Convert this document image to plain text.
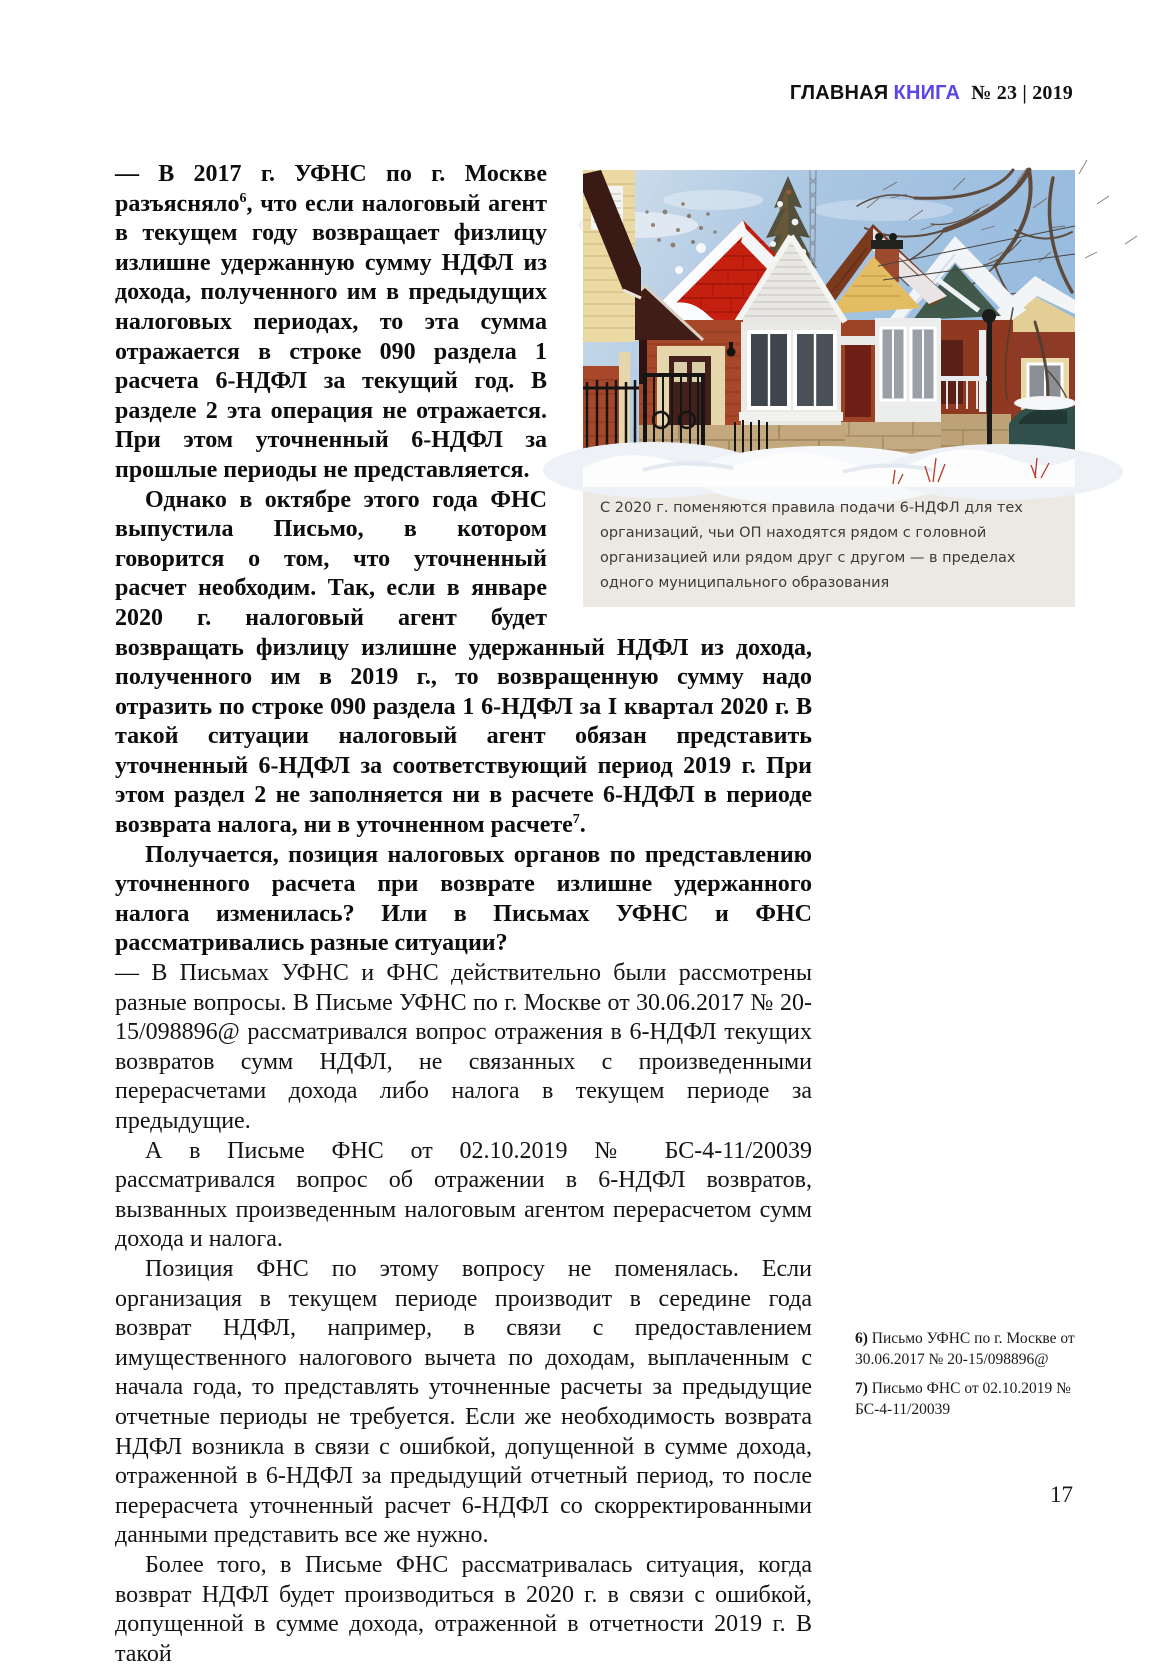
ГЛАВНАЯ КНИГА № 23 | 2019
С 2020 г. поменяются правила подачи 6-НДФЛ для тех организаций, чьи ОП находятся рядом с головной организацией или рядом друг с другом — в пределах одного муниципального образования

— В 2017 г. УФНС по г. Москве разъясняло$^6$, что если налоговый агент в текущем году возвращает физлицу излишне удержанную сумму НДФЛ из дохода, полученного им в предыдущих налоговых периодах, то эта сумма отражается в строке 090 раздела 1 расчета 6-НДФЛ за текущий год. В разделе 2 эта операция не отражается. При этом уточненный 6-НДФЛ за прошлые периоды не представляется.

Однако в октябре этого года ФНС выпустила Письмо, в котором говорится о том, что уточненный расчет необходим. Так, если в январе 2020 г. налоговый агент будет возвращать физлицу излишне удержанный НДФЛ из дохода, полученного им в 2019 г., то возвращенную сумму надо отразить по строке 090 раздела 1 6-НДФЛ за I квартал 2020 г. В такой ситуации налоговый агент обязан представить уточненный 6-НДФЛ за соответствующий период 2019 г. При этом раздел 2 не заполняется ни в расчете 6-НДФЛ в периоде возврата налога, ни в уточненном расчете$^7$.

Получается, позиция налоговых органов по представлению уточненного расчета при возврате излишне удержанного налога изменилась? Или в Письмах УФНС и ФНС рассматривались разные ситуации?

— В Письмах УФНС и ФНС действительно были рассмотрены разные вопросы. В Письме УФНС по г. Москве от 30.06.2017 № 20-15/098896@ рассматривался вопрос отражения в 6-НДФЛ текущих возвратов сумм НДФЛ, не связанных с произведенными перерасчетами дохода либо налога в текущем периоде за предыдущие.

А в Письме ФНС от 02.10.2019 № БС-4-11/20039 рассматривался вопрос об отражении в 6-НДФЛ возвратов, вызванных произведенным налоговым агентом перерасчетом сумм дохода и налога.

Позиция ФНС по этому вопросу не поменялась. Если организация в текущем периоде производит в середине года возврат НДФЛ, например, в связи с предоставлением имущественного налогового вычета по доходам, выплаченным с начала года, то представлять уточненные расчеты за предыдущие отчетные периоды не требуется. Если же необходимость возврата НДФЛ возникла в связи с ошибкой, допущенной в сумме дохода, отраженной в 6-НДФЛ за предыдущий отчетный период, то после перерасчета уточненный расчет 6-НДФЛ со скорректированными данными представить все же нужно.

Более того, в Письме ФНС рассматривалась ситуация, когда возврат НДФЛ будет производиться в 2020 г. в связи с ошибкой, допущенной в сумме дохода, отраженной в отчетности 2019 г. В такой

6) Письмо УФНС по г. Москве от 30.06.2017 № 20-15/098896@
7) Письмо ФНС от 02.10.2019 № БС-4-11/20039
17
